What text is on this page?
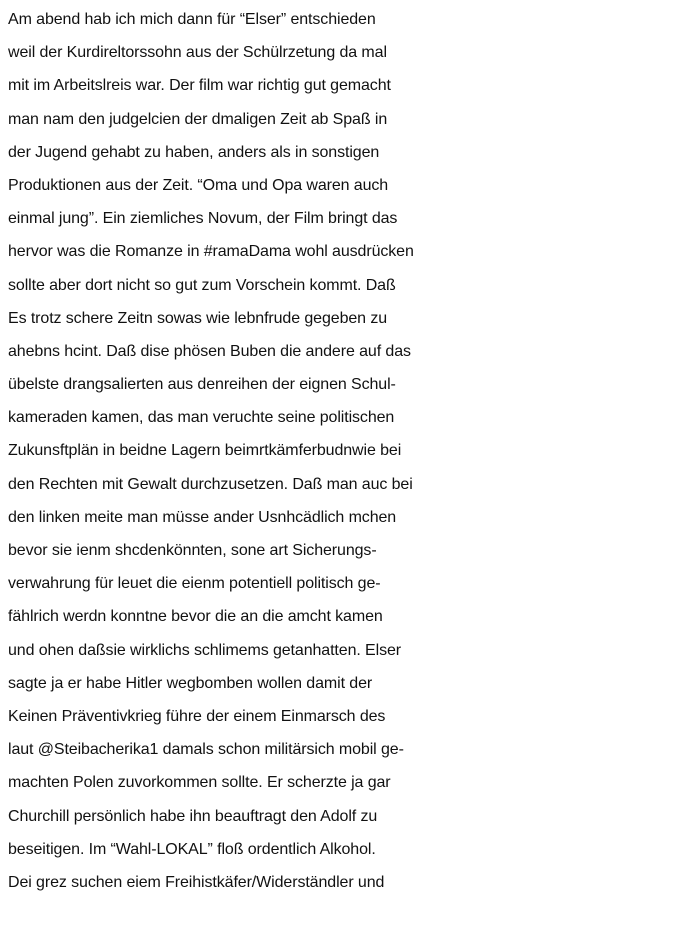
Am abend hab ich mich dann für “Elser” entschieden
weil der Kurdireltorssohn aus der Schülrzetung da mal
mit im Arbeitslreis war. Der film war richtig gut gemacht
man nam den judgelcien der dmaligen Zeit ab Spaß in
der Jugend gehabt zu haben, anders als in sonstigen
Produktionen aus der Zeit. “Oma und Opa waren auch
einmal jung”. Ein ziemliches Novum, der Film bringt das
hervor was die Romanze in #ramaDama wohl ausdrücken
sollte aber dort nicht so gut zum Vorschein kommt. Daß
Es trotz schere Zeitn sowas wie lebnfrude gegeben zu
ahebns hcint. Daß dise phösen Buben die andere auf das
übelste drangsalierten aus denreihen der eignen Schul-
kameraden kamen, das man veruchte seine politischen
Zukunsftplän in beidne Lagern beimrtkämferbudnwie bei
den Rechten mit Gewalt durchzusetzen. Daß man auc bei
den linken meite man müsse ander Usnhcädlich mchen
bevor sie ienm shcdenkönnten, sone art Sicherungs-
verwahrung für leuet die eienm potentiell politisch ge-
fählrich werdn konntne bevor die an die amcht kamen
und ohen daßsie wirklichs schlimems getanhatten. Elser
sagte ja er habe Hitler wegbomben wollen damit der
Keinen Präventivkrieg führe der einem Einmarsch des
laut @Steibacherika1 damals schon militärsich mobil ge-
machten Polen zuvorkommen sollte. Er scherzte ja gar
Churchill persönlich habe ihn beauftragt den Adolf zu
beseitigen. Im “Wahl-LOKAL” floß ordentlich Alkohol.
Dei grez suchen eiem Freihistkäfer/Widerständler und
